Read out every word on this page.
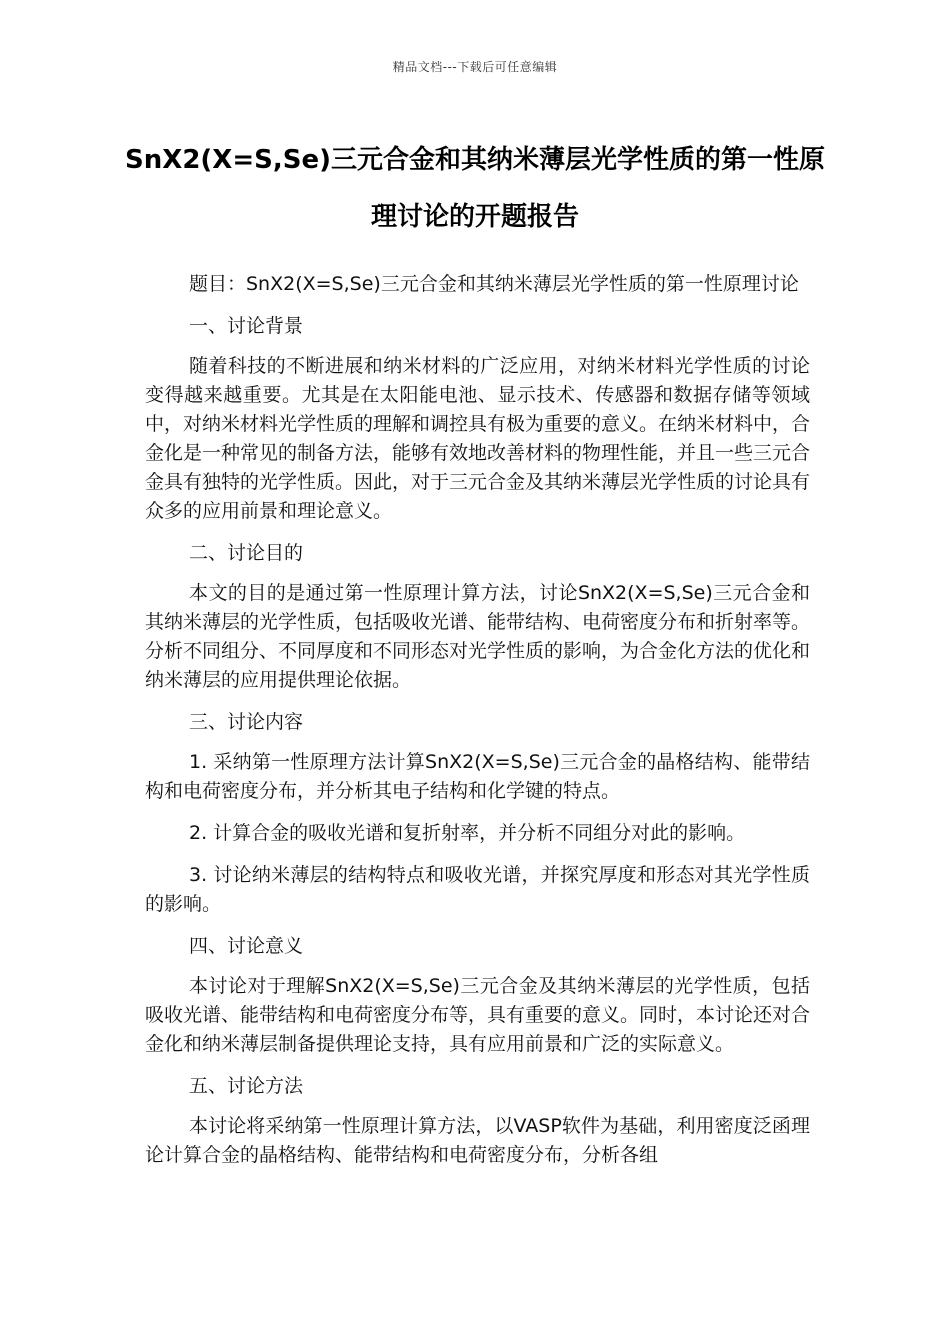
精品文档---下载后可任意编辑
SnX2(X=S,Se)三元合金和其纳米薄层光学性质的第一性原理讨论的开题报告

题目：SnX2(X=S,Se)三元合金和其纳米薄层光学性质的第一性原理讨论

一、讨论背景

随着科技的不断进展和纳米材料的广泛应用，对纳米材料光学性质的讨论变得越来越重要。尤其是在太阳能电池、显示技术、传感器和数据存储等领域中，对纳米材料光学性质的理解和调控具有极为重要的意义。在纳米材料中，合金化是一种常见的制备方法，能够有效地改善材料的物理性能，并且一些三元合金具有独特的光学性质。因此，对于三元合金及其纳米薄层光学性质的讨论具有众多的应用前景和理论意义。

二、讨论目的

本文的目的是通过第一性原理计算方法，讨论SnX2(X=S,Se)三元合金和其纳米薄层的光学性质，包括吸收光谱、能带结构、电荷密度分布和折射率等。分析不同组分、不同厚度和不同形态对光学性质的影响，为合金化方法的优化和纳米薄层的应用提供理论依据。

三、讨论内容

1. 采纳第一性原理方法计算SnX2(X=S,Se)三元合金的晶格结构、能带结构和电荷密度分布，并分析其电子结构和化学键的特点。

2. 计算合金的吸收光谱和复折射率，并分析不同组分对此的影响。

3. 讨论纳米薄层的结构特点和吸收光谱，并探究厚度和形态对其光学性质的影响。

四、讨论意义

本讨论对于理解SnX2(X=S,Se)三元合金及其纳米薄层的光学性质，包括吸收光谱、能带结构和电荷密度分布等，具有重要的意义。同时，本讨论还对合金化和纳米薄层制备提供理论支持，具有应用前景和广泛的实际意义。

五、讨论方法

本讨论将采纳第一性原理计算方法，以VASP软件为基础，利用密度泛函理论计算合金的晶格结构、能带结构和电荷密度分布，分析各组
